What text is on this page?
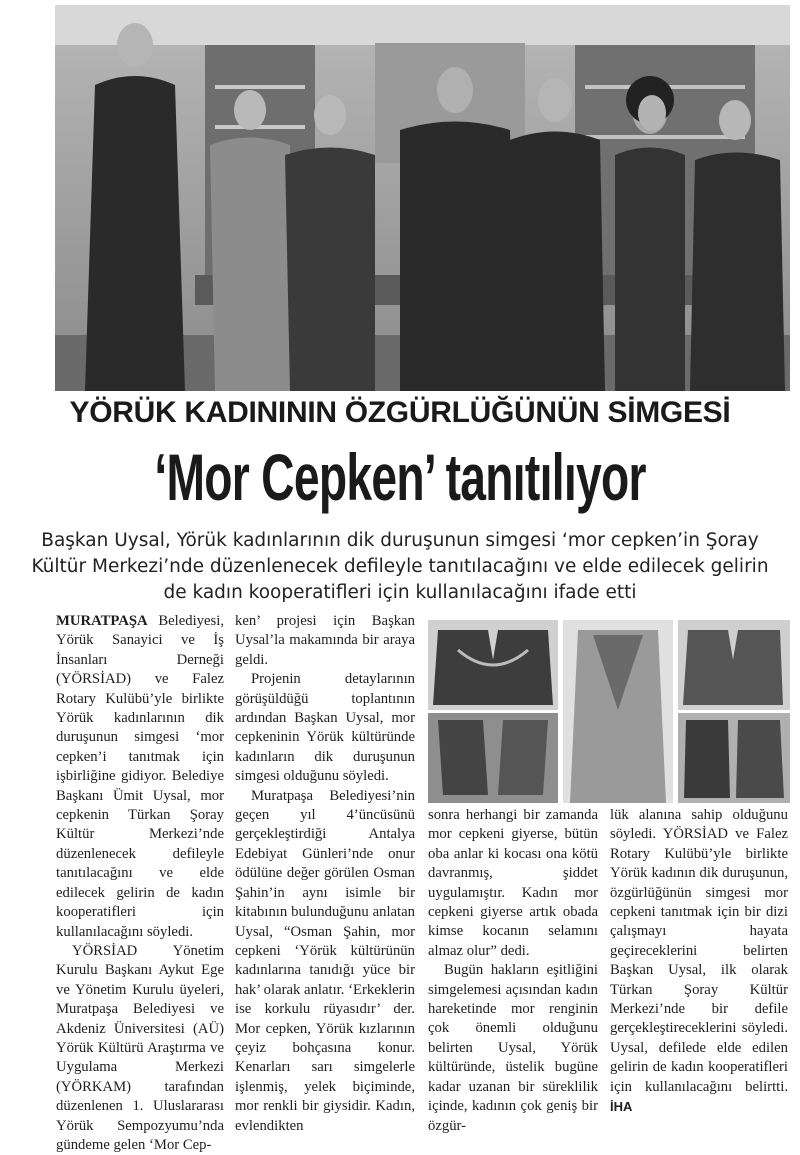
YÖRÜK KADINININ ÖZGÜRLÜĞÜNÜN SİMGESİ
‘Mor Cepken’ tanıtılıyor
Başkan Uysal, Yörük kadınlarının dik duruşunun simgesi ‘mor cepken’in Şoray Kültür Merkezi’nde düzenlenecek defileyle tanıtılacağını ve elde edilecek gelirin de kadın kooperatifleri için kullanılacağını ifade etti

MURATPAŞA Belediyesi, Yörük Sanayici ve İş İnsanları Derneği (YÖRSİAD) ve Falez Rotary Kulübü’yle birlikte Yörük kadınlarının dik duruşunun simgesi ‘mor cepken’i tanıtmak için işbirliğine gidiyor. Belediye Başkanı Ümit Uysal, mor cepkenin Türkan Şoray Kültür Merkezi’nde düzenlenecek defileyle tanıtılacağını ve elde edilecek gelirin de kadın kooperatifleri için kullanılacağını söyledi.

YÖRSİAD Yönetim Kurulu Başkanı Aykut Ege ve Yönetim Kurulu üyeleri, Muratpaşa Belediyesi ve Akdeniz Üniversitesi (AÜ) Yörük Kültürü Araştırma ve Uygulama Merkezi (YÖRKAM) tarafından düzenlenen 1. Uluslararası Yörük Sempozyumu’nda gündeme gelen ‘Mor Cep-

ken’ projesi için Başkan Uysal’la makamında bir araya geldi.

Projenin detaylarının görüşüldüğü toplantının ardından Başkan Uysal, mor cepkeninin Yörük kültüründe kadınların dik duruşunun simgesi olduğunu söyledi.

Muratpaşa Belediyesi’nin geçen yıl 4’üncüsünü gerçekleştirdiği Antalya Edebiyat Günleri’nde onur ödülüne değer görülen Osman Şahin’in aynı isimle bir kitabının bulunduğunu anlatan Uysal, “Osman Şahin, mor cepkeni ‘Yörük kültürünün kadınlarına tanıdığı yüce bir hak’ olarak anlatır. ‘Erkeklerin ise korkulu rüyasıdır’ der. Mor cepken, Yörük kızlarının çeyiz bohçasına konur. Kenarları sarı simgelerle işlenmiş, yelek biçiminde, mor renkli bir giysidir. Kadın, evlendikten

sonra herhangi bir zamanda mor cepkeni giyerse, bütün oba anlar ki kocası ona kötü davranmış, şiddet uygulamıştır. Kadın mor cepkeni giyerse artık obada kimse kocanın selamını almaz olur” dedi.

Bugün hakların eşitliğini simgelemesi açısından kadın hareketinde mor renginin çok önemli olduğunu belirten Uysal, Yörük kültüründe, üstelik bugüne kadar uzanan bir süreklilik içinde, kadının çok geniş bir özgür-

lük alanına sahip olduğunu söyledi. YÖRSİAD ve Falez Rotary Kulübü’yle birlikte Yörük kadının dik duruşunun, özgürlüğünün simgesi mor cepkeni tanıtmak için bir dizi çalışmayı hayata geçireceklerini belirten Başkan Uysal, ilk olarak Türkan Şoray Kültür Merkezi’nde bir defile gerçekleştireceklerini söyledi. Uysal, defilede elde edilen gelirin de kadın kooperatifleri için kullanılacağını belirtti. İHA
